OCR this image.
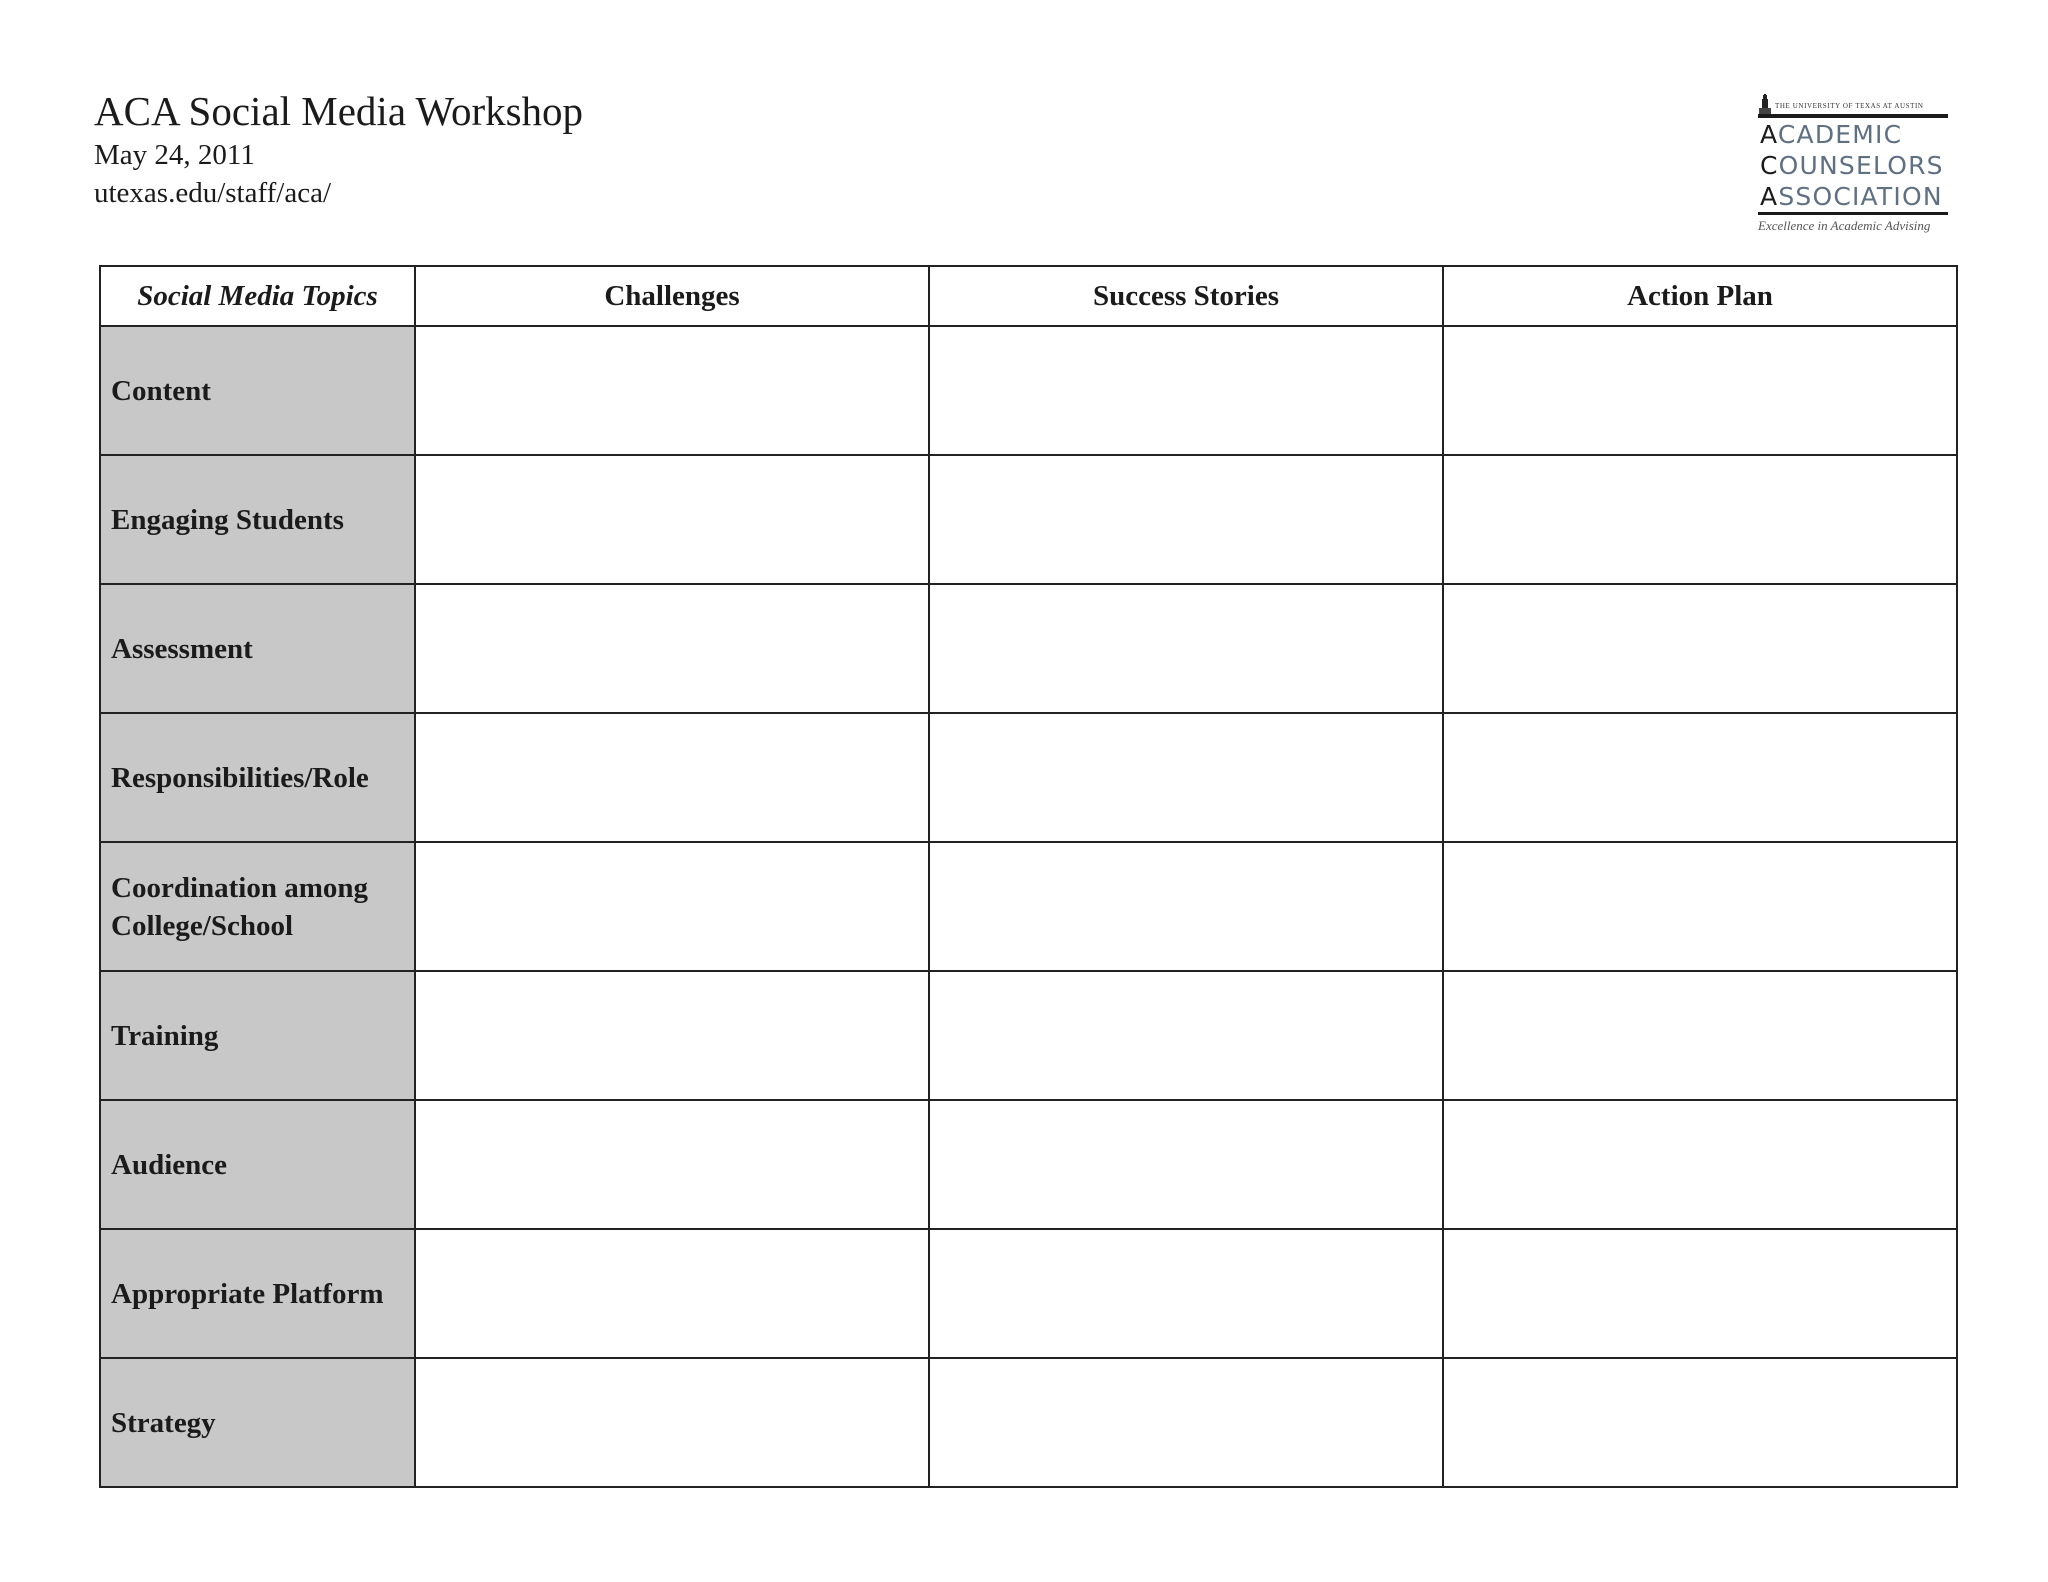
ACA Social Media Workshop

May 24, 2011

utexas.edu/staff/aca/

THE UNIVERSITY OF TEXAS AT AUSTIN
ACADEMIC
COUNSELORS
ASSOCIATION
Excellence in Academic Advising
Social Media Topics	Challenges	Success Stories	Action Plan
Content			
Engaging Students			
Assessment			
Responsibilities/Role			
Coordination among College/School			
Training			
Audience			
Appropriate Platform			
Strategy			
